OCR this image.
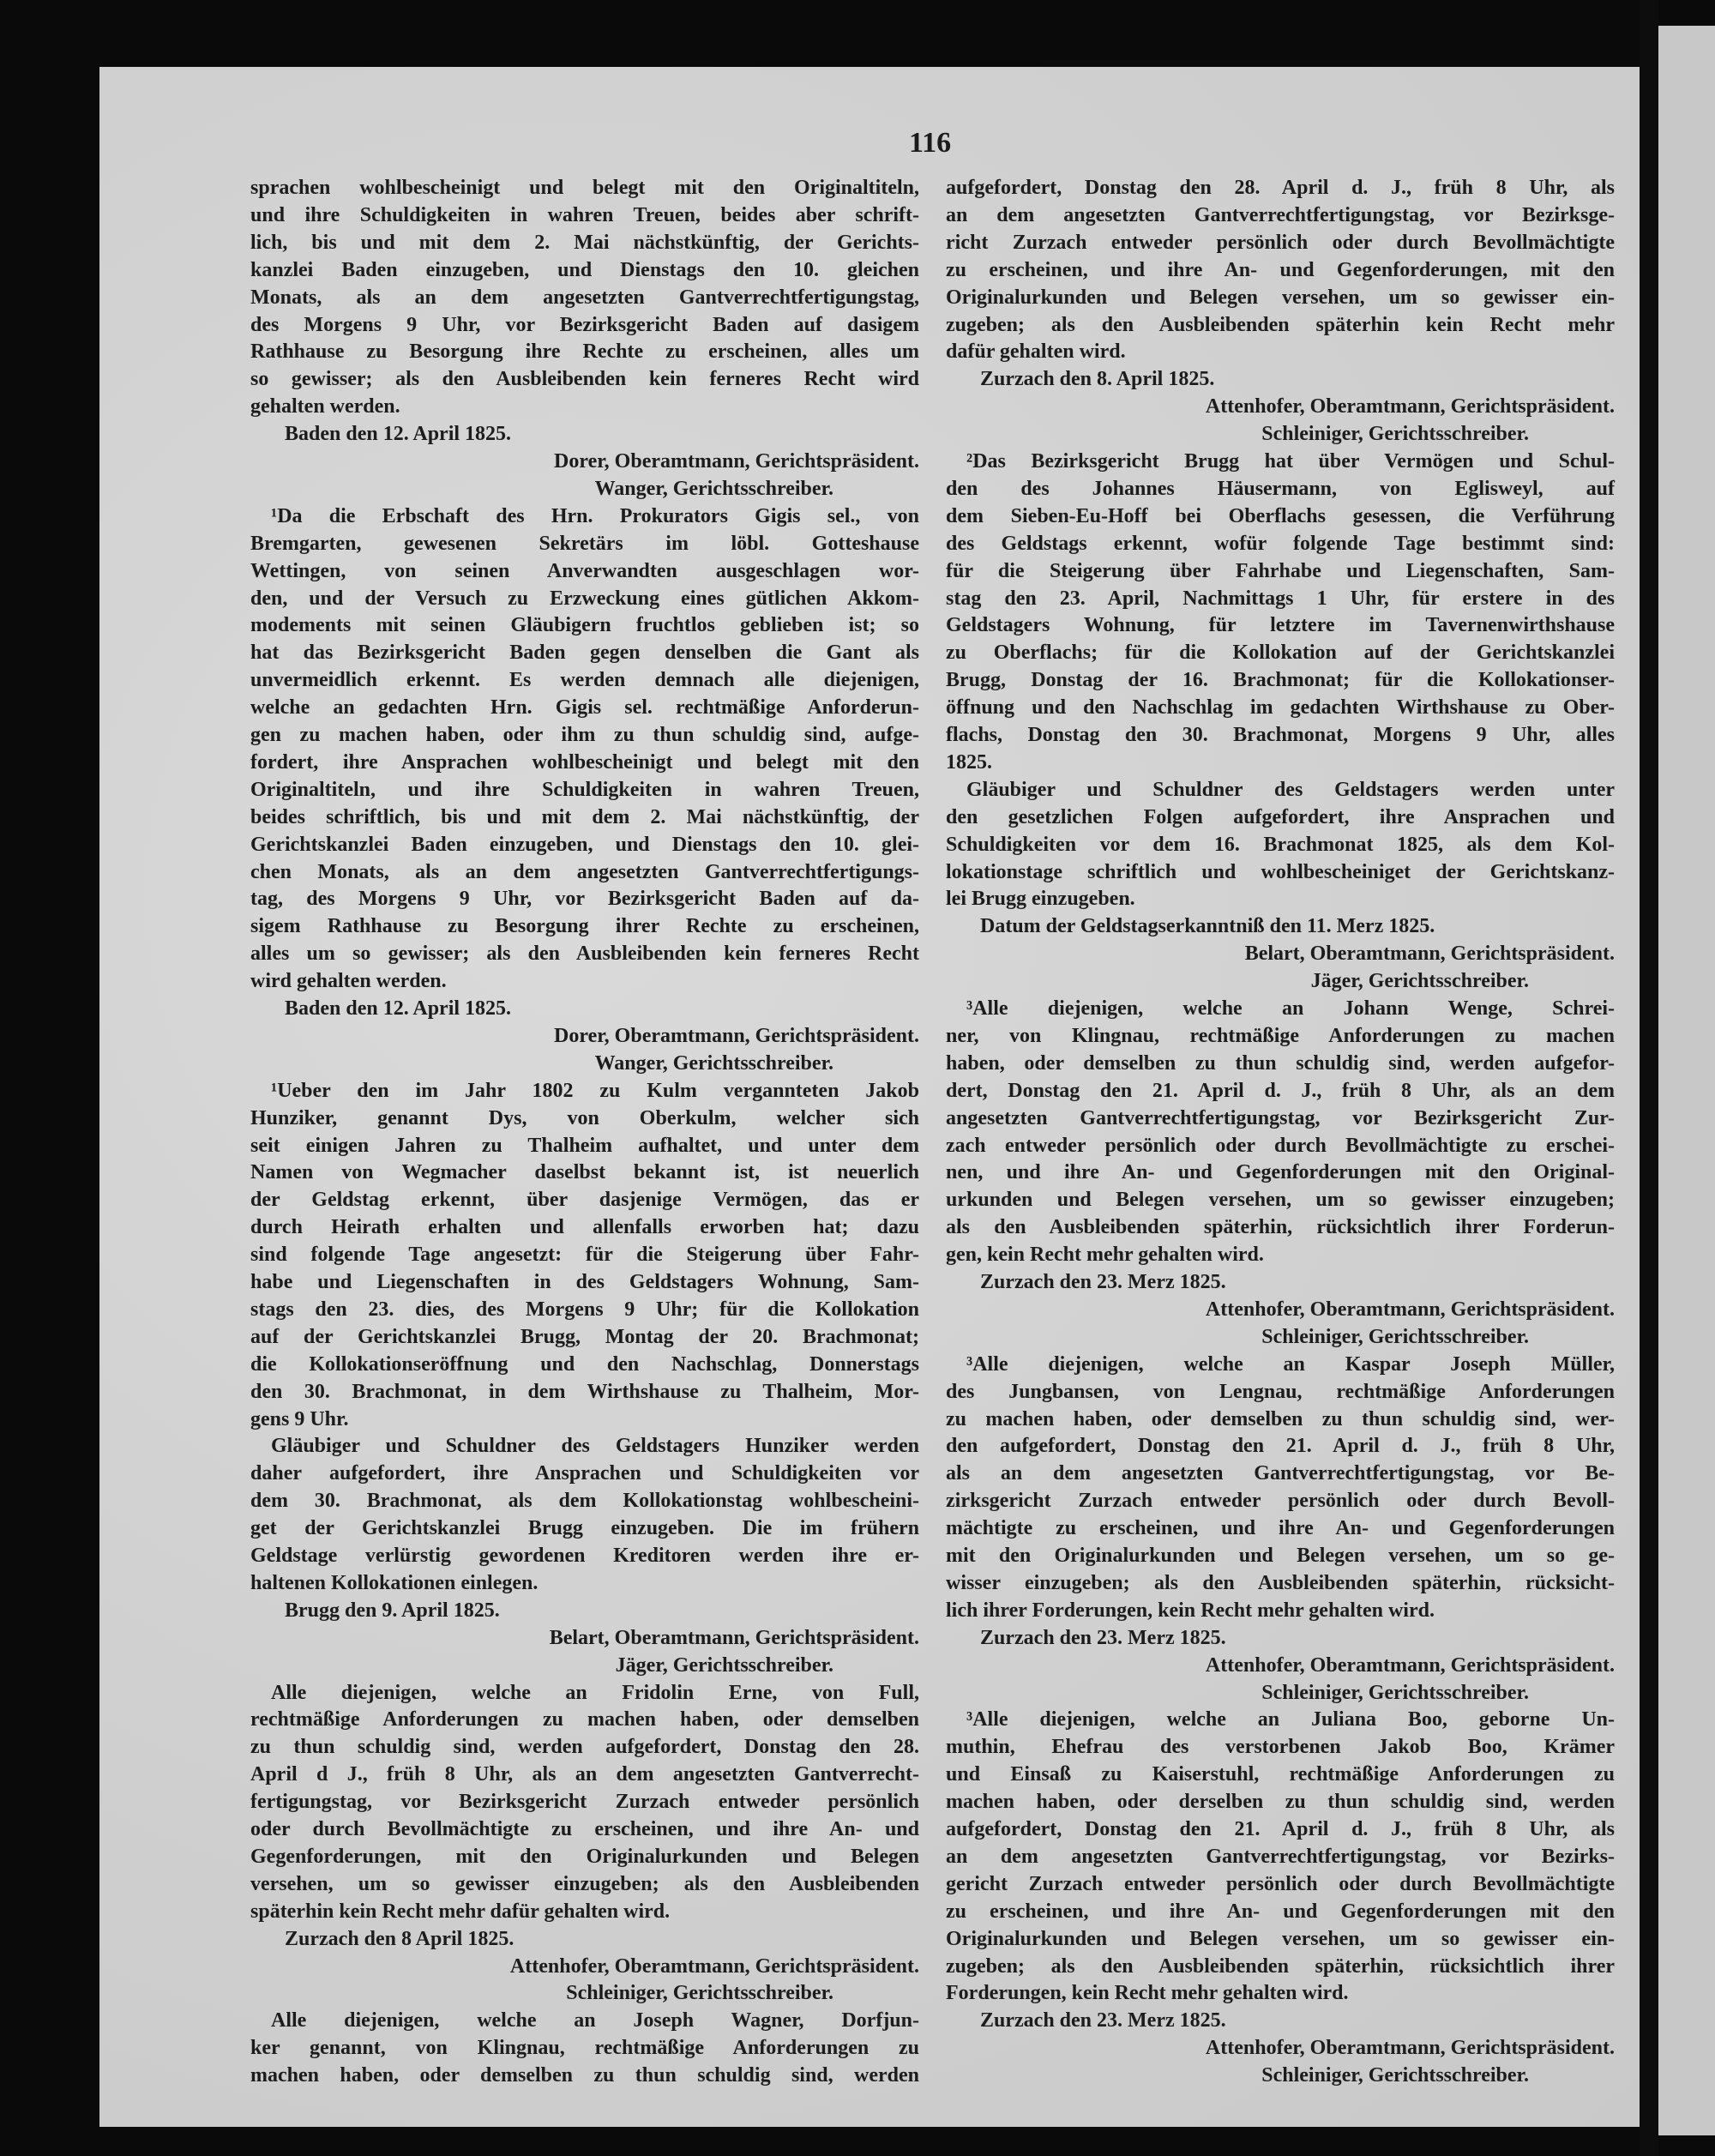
116
sprachen wohlbescheinigt und belegt mit den Originaltiteln,
und ihre Schuldigkeiten in wahren Treuen, beides aber schrift-
lich, bis und mit dem 2. Mai nächstkünftig, der Gerichts-
kanzlei Baden einzugeben, und Dienstags den 10. gleichen
Monats, als an dem angesetzten Gantverrechtfertigungstag,
des Morgens 9 Uhr, vor Bezirksgericht Baden auf dasigem
Rathhause zu Besorgung ihre Rechte zu erscheinen, alles um
so gewisser; als den Ausbleibenden kein ferneres Recht wird
gehalten werden.
Baden den 12. April 1825.
Dorer, Oberamtmann, Gerichtspräsident.
Wanger, Gerichtsschreiber.
¹Da die Erbschaft des Hrn. Prokurators Gigis sel., von
Bremgarten, gewesenen Sekretärs im löbl. Gotteshause
Wettingen, von seinen Anverwandten ausgeschlagen wor-
den, und der Versuch zu Erzweckung eines gütlichen Akkom-
modements mit seinen Gläubigern fruchtlos geblieben ist; so
hat das Bezirksgericht Baden gegen denselben die Gant als
unvermeidlich erkennt. Es werden demnach alle diejenigen,
welche an gedachten Hrn. Gigis sel. rechtmäßige Anforderun-
gen zu machen haben, oder ihm zu thun schuldig sind, aufge-
fordert, ihre Ansprachen wohlbescheinigt und belegt mit den
Originaltiteln, und ihre Schuldigkeiten in wahren Treuen,
beides schriftlich, bis und mit dem 2. Mai nächstkünftig, der
Gerichtskanzlei Baden einzugeben, und Dienstags den 10. glei-
chen Monats, als an dem angesetzten Gantverrechtfertigungs-
tag, des Morgens 9 Uhr, vor Bezirksgericht Baden auf da-
sigem Rathhause zu Besorgung ihrer Rechte zu erscheinen,
alles um so gewisser; als den Ausbleibenden kein ferneres Recht
wird gehalten werden.
Baden den 12. April 1825.
Dorer, Oberamtmann, Gerichtspräsident.
Wanger, Gerichtsschreiber.
¹Ueber den im Jahr 1802 zu Kulm vergannteten Jakob
Hunziker, genannt Dys, von Oberkulm, welcher sich
seit einigen Jahren zu Thalheim aufhaltet, und unter dem
Namen von Wegmacher daselbst bekannt ist, ist neuerlich
der Geldstag erkennt, über dasjenige Vermögen, das er
durch Heirath erhalten und allenfalls erworben hat; dazu
sind folgende Tage angesetzt: für die Steigerung über Fahr-
habe und Liegenschaften in des Geldstagers Wohnung, Sam-
stags den 23. dies, des Morgens 9 Uhr; für die Kollokation
auf der Gerichtskanzlei Brugg, Montag der 20. Brachmonat;
die Kollokationseröffnung und den Nachschlag, Donnerstags
den 30. Brachmonat, in dem Wirthshause zu Thalheim, Mor-
gens 9 Uhr.
Gläubiger und Schuldner des Geldstagers Hunziker werden
daher aufgefordert, ihre Ansprachen und Schuldigkeiten vor
dem 30. Brachmonat, als dem Kollokationstag wohlbescheini-
get der Gerichtskanzlei Brugg einzugeben. Die im frühern
Geldstage verlürstig gewordenen Kreditoren werden ihre er-
haltenen Kollokationen einlegen.
Brugg den 9. April 1825.
Belart, Oberamtmann, Gerichtspräsident.
Jäger, Gerichtsschreiber.
Alle diejenigen, welche an Fridolin Erne, von Full,
rechtmäßige Anforderungen zu machen haben, oder demselben
zu thun schuldig sind, werden aufgefordert, Donstag den 28.
April d J., früh 8 Uhr, als an dem angesetzten Gantverrecht-
fertigungstag, vor Bezirksgericht Zurzach entweder persönlich
oder durch Bevollmächtigte zu erscheinen, und ihre An- und
Gegenforderungen, mit den Originalurkunden und Belegen
versehen, um so gewisser einzugeben; als den Ausbleibenden
späterhin kein Recht mehr dafür gehalten wird.
Zurzach den 8 April 1825.
Attenhofer, Oberamtmann, Gerichtspräsident.
Schleiniger, Gerichtsschreiber.
Alle diejenigen, welche an Joseph Wagner, Dorfjun-
ker genannt, von Klingnau, rechtmäßige Anforderungen zu
machen haben, oder demselben zu thun schuldig sind, werden
aufgefordert, Donstag den 28. April d. J., früh 8 Uhr, als
an dem angesetzten Gantverrechtfertigungstag, vor Bezirksge-
richt Zurzach entweder persönlich oder durch Bevollmächtigte
zu erscheinen, und ihre An- und Gegenforderungen, mit den
Originalurkunden und Belegen versehen, um so gewisser ein-
zugeben; als den Ausbleibenden späterhin kein Recht mehr
dafür gehalten wird.
Zurzach den 8. April 1825.
Attenhofer, Oberamtmann, Gerichtspräsident.
Schleiniger, Gerichtsschreiber.
²Das Bezirksgericht Brugg hat über Vermögen und Schul-
den des Johannes Häusermann, von Eglisweyl, auf
dem Sieben-Eu-Hoff bei Oberflachs gesessen, die Verführung
des Geldstags erkennt, wofür folgende Tage bestimmt sind:
für die Steigerung über Fahrhabe und Liegenschaften, Sam-
stag den 23. April, Nachmittags 1 Uhr, für erstere in des
Geldstagers Wohnung, für letztere im Tavernenwirthshause
zu Oberflachs; für die Kollokation auf der Gerichtskanzlei
Brugg, Donstag der 16. Brachmonat; für die Kollokationser-
öffnung und den Nachschlag im gedachten Wirthshause zu Ober-
flachs, Donstag den 30. Brachmonat, Morgens 9 Uhr, alles
1825.
Gläubiger und Schuldner des Geldstagers werden unter
den gesetzlichen Folgen aufgefordert, ihre Ansprachen und
Schuldigkeiten vor dem 16. Brachmonat 1825, als dem Kol-
lokationstage schriftlich und wohlbescheiniget der Gerichtskanz-
lei Brugg einzugeben.
Datum der Geldstagserkanntniß den 11. Merz 1825.
Belart, Oberamtmann, Gerichtspräsident.
Jäger, Gerichtsschreiber.
³Alle diejenigen, welche an Johann Wenge, Schrei-
ner, von Klingnau, rechtmäßige Anforderungen zu machen
haben, oder demselben zu thun schuldig sind, werden aufgefor-
dert, Donstag den 21. April d. J., früh 8 Uhr, als an dem
angesetzten Gantverrechtfertigungstag, vor Bezirksgericht Zur-
zach entweder persönlich oder durch Bevollmächtigte zu erschei-
nen, und ihre An- und Gegenforderungen mit den Original-
urkunden und Belegen versehen, um so gewisser einzugeben;
als den Ausbleibenden späterhin, rücksichtlich ihrer Forderun-
gen, kein Recht mehr gehalten wird.
Zurzach den 23. Merz 1825.
Attenhofer, Oberamtmann, Gerichtspräsident.
Schleiniger, Gerichtsschreiber.
³Alle diejenigen, welche an Kaspar Joseph Müller,
des Jungbansen, von Lengnau, rechtmäßige Anforderungen
zu machen haben, oder demselben zu thun schuldig sind, wer-
den aufgefordert, Donstag den 21. April d. J., früh 8 Uhr,
als an dem angesetzten Gantverrechtfertigungstag, vor Be-
zirksgericht Zurzach entweder persönlich oder durch Bevoll-
mächtigte zu erscheinen, und ihre An- und Gegenforderungen
mit den Originalurkunden und Belegen versehen, um so ge-
wisser einzugeben; als den Ausbleibenden späterhin, rücksicht-
lich ihrer Forderungen, kein Recht mehr gehalten wird.
Zurzach den 23. Merz 1825.
Attenhofer, Oberamtmann, Gerichtspräsident.
Schleiniger, Gerichtsschreiber.
³Alle diejenigen, welche an Juliana Boo, geborne Un-
muthin, Ehefrau des verstorbenen Jakob Boo, Krämer
und Einsaß zu Kaiserstuhl, rechtmäßige Anforderungen zu
machen haben, oder derselben zu thun schuldig sind, werden
aufgefordert, Donstag den 21. April d. J., früh 8 Uhr, als
an dem angesetzten Gantverrechtfertigungstag, vor Bezirks-
gericht Zurzach entweder persönlich oder durch Bevollmächtigte
zu erscheinen, und ihre An- und Gegenforderungen mit den
Originalurkunden und Belegen versehen, um so gewisser ein-
zugeben; als den Ausbleibenden späterhin, rücksichtlich ihrer
Forderungen, kein Recht mehr gehalten wird.
Zurzach den 23. Merz 1825.
Attenhofer, Oberamtmann, Gerichtspräsident.
Schleiniger, Gerichtsschreiber.
